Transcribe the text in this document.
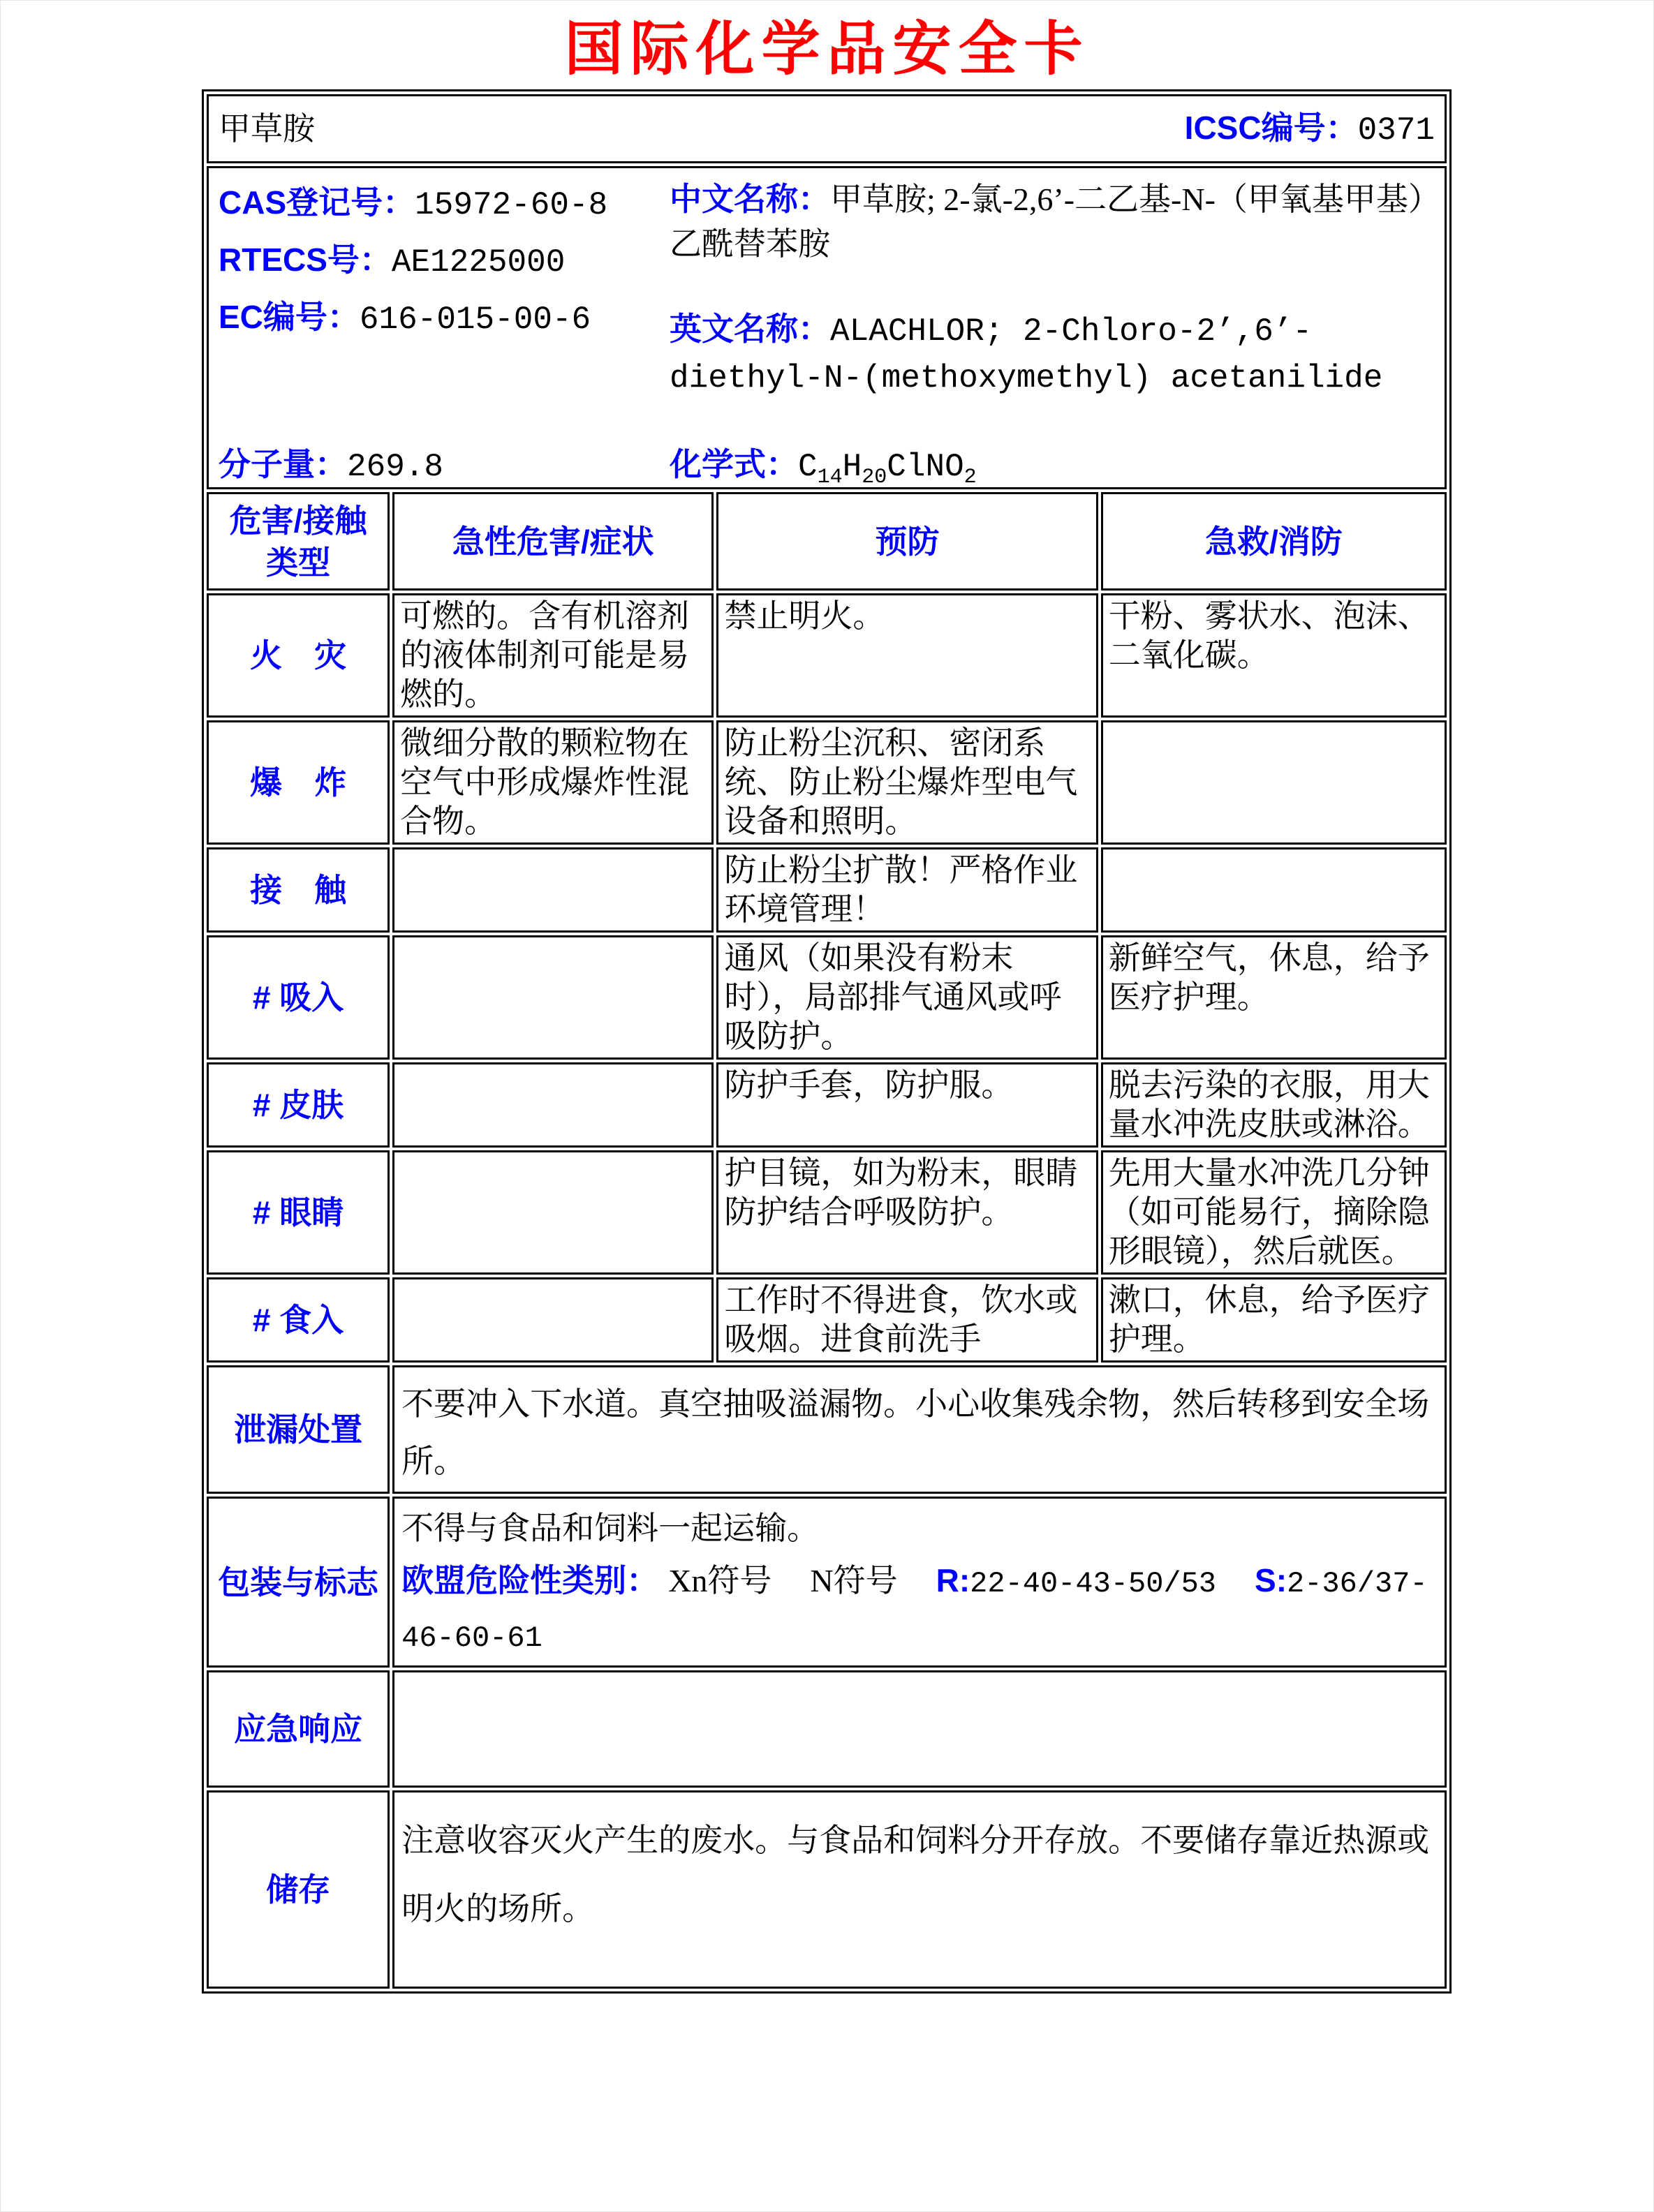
国际化学品安全卡
甲草胺 ICSC编号：0371			

CAS登记号：15972-60-8
RTECS号：AE1225000
EC编号：616-015-00-6
中文名称：甲草胺; 2-氯-2,6’-二乙基-N-（甲氧基甲基）乙酰替苯胺
英文名称：ALACHLOR; 2-Chloro-2’,6’-diethyl-N-(methoxymethyl) acetanilide
分子量：269.8	化学式：$C_{14}H_{20}ClNO_2$

危害/接触类型	急性危害/症状	预防	急救/消防
火　灾	可燃的。含有机溶剂的液体制剂可能是易燃的。	禁止明火。	干粉、雾状水、泡沫、二氧化碳。
爆　炸	微细分散的颗粒物在空气中形成爆炸性混合物。	防止粉尘沉积、密闭系统、防止粉尘爆炸型电气设备和照明。	
接　触		防止粉尘扩散！严格作业环境管理！	
# 吸入		通风（如果没有粉末时），局部排气通风或呼吸防护。	新鲜空气，休息，给予医疗护理。
# 皮肤		防护手套，防护服。	脱去污染的衣服，用大量水冲洗皮肤或淋浴。
# 眼睛		护目镜，如为粉末，眼睛防护结合呼吸防护。	先用大量水冲洗几分钟（如可能易行，摘除隐形眼镜），然后就医。
# 食入		工作时不得进食，饮水或吸烟。进食前洗手	漱口，休息，给予医疗护理。
泄漏处置	不要冲入下水道。真空抽吸溢漏物。小心收集残余物，然后转移到安全场所。		
包装与标志	不得与食品和饲料一起运输。
欧盟危险性类别： Xn符号 N符号 R:22-40-43-50/53 S:2-36/37-46-60-61		

应急响应			
储存	注意收容灭火产生的废水。与食品和饲料分开存放。不要储存靠近热源或明火的场所。		
